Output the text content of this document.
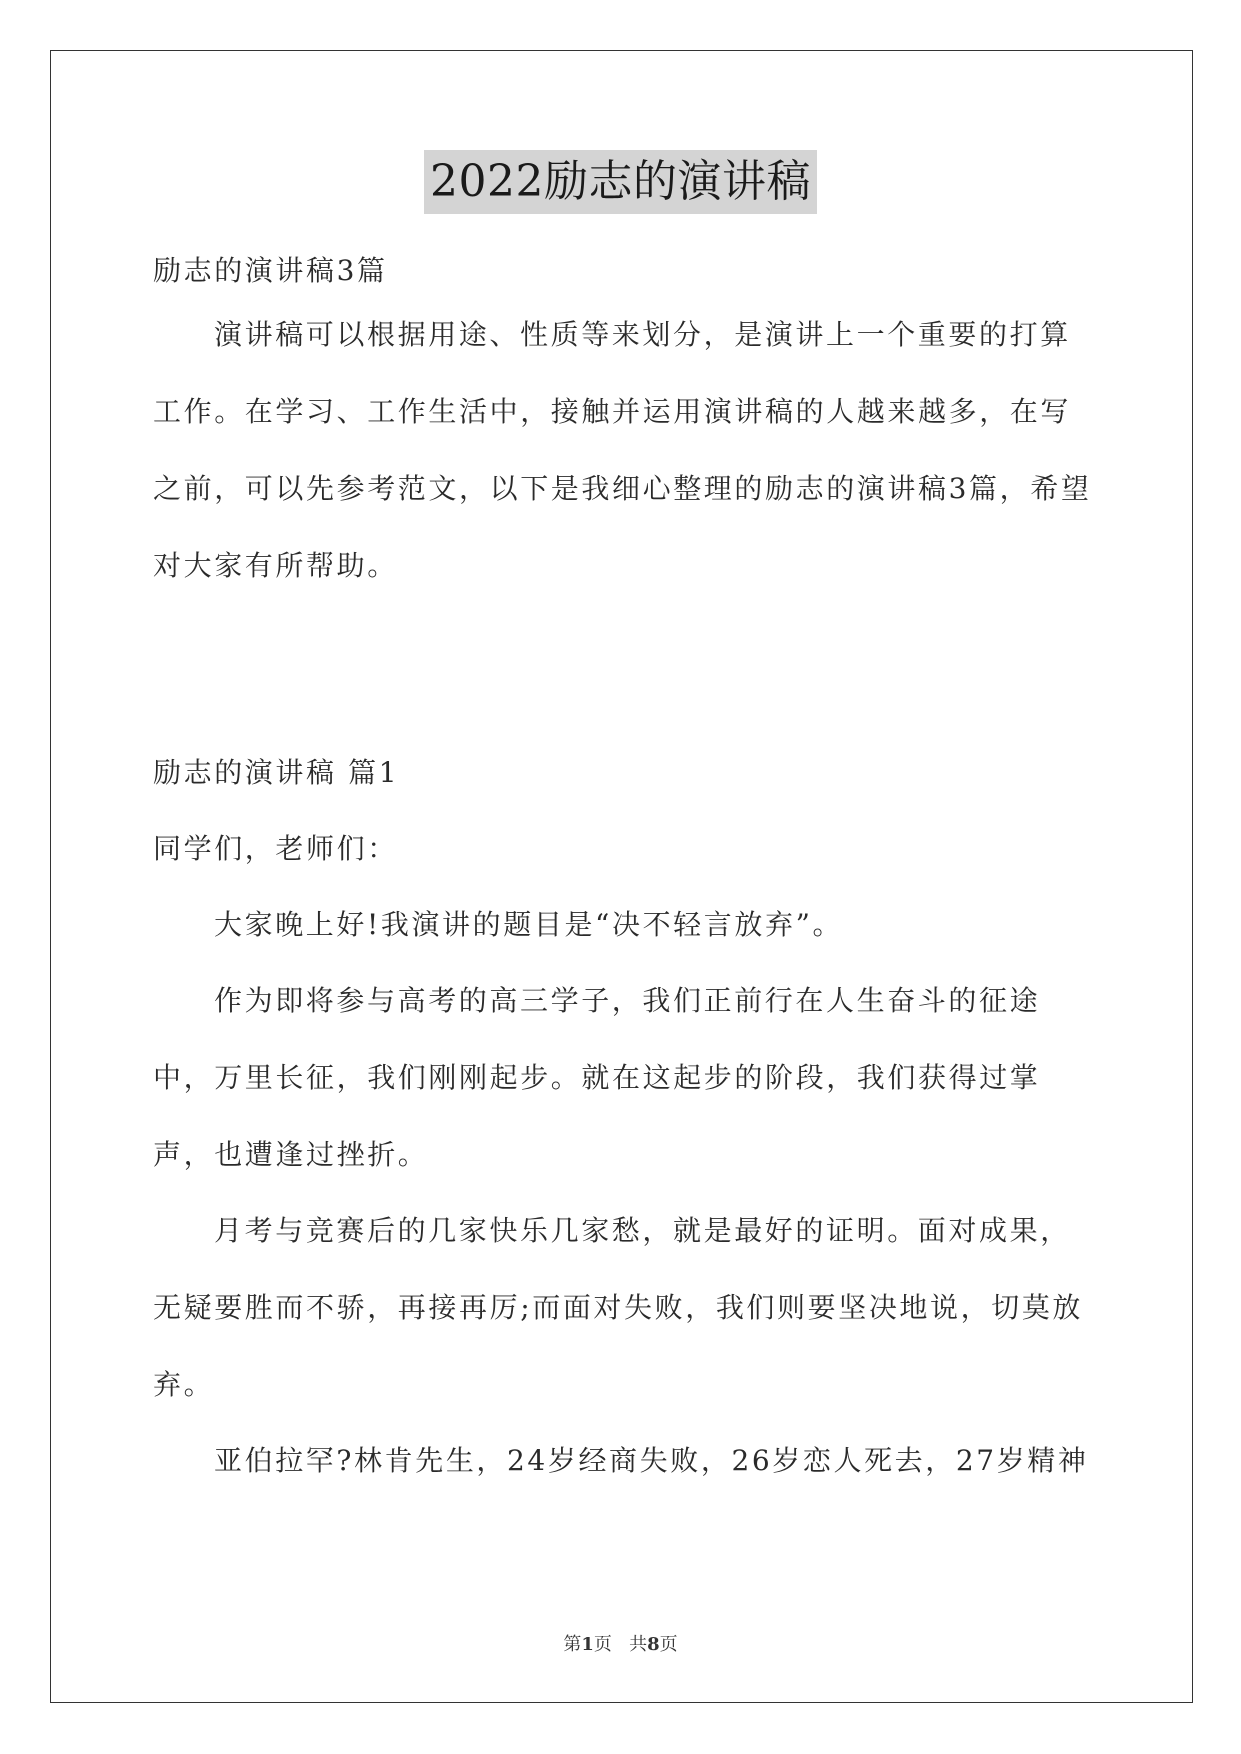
2022励志的演讲稿

励志的演讲稿3篇

演讲稿可以根据用途、性质等来划分，是演讲上一个重要的打算工作。在学习、工作生活中，接触并运用演讲稿的人越来越多，在写之前，可以先参考范文，以下是我细心整理的励志的演讲稿3篇，希望对大家有所帮助。

励志的演讲稿 篇1

同学们，老师们：

大家晚上好!我演讲的题目是“决不轻言放弃”。

作为即将参与高考的高三学子，我们正前行在人生奋斗的征途中，万里长征，我们刚刚起步。就在这起步的阶段，我们获得过掌声，也遭逢过挫折。

月考与竞赛后的几家快乐几家愁，就是最好的证明。面对成果，无疑要胜而不骄，再接再厉;而面对失败，我们则要坚决地说，切莫放弃。

亚伯拉罕?林肯先生，24岁经商失败，26岁恋人死去，27岁精神

第1页   共8页
